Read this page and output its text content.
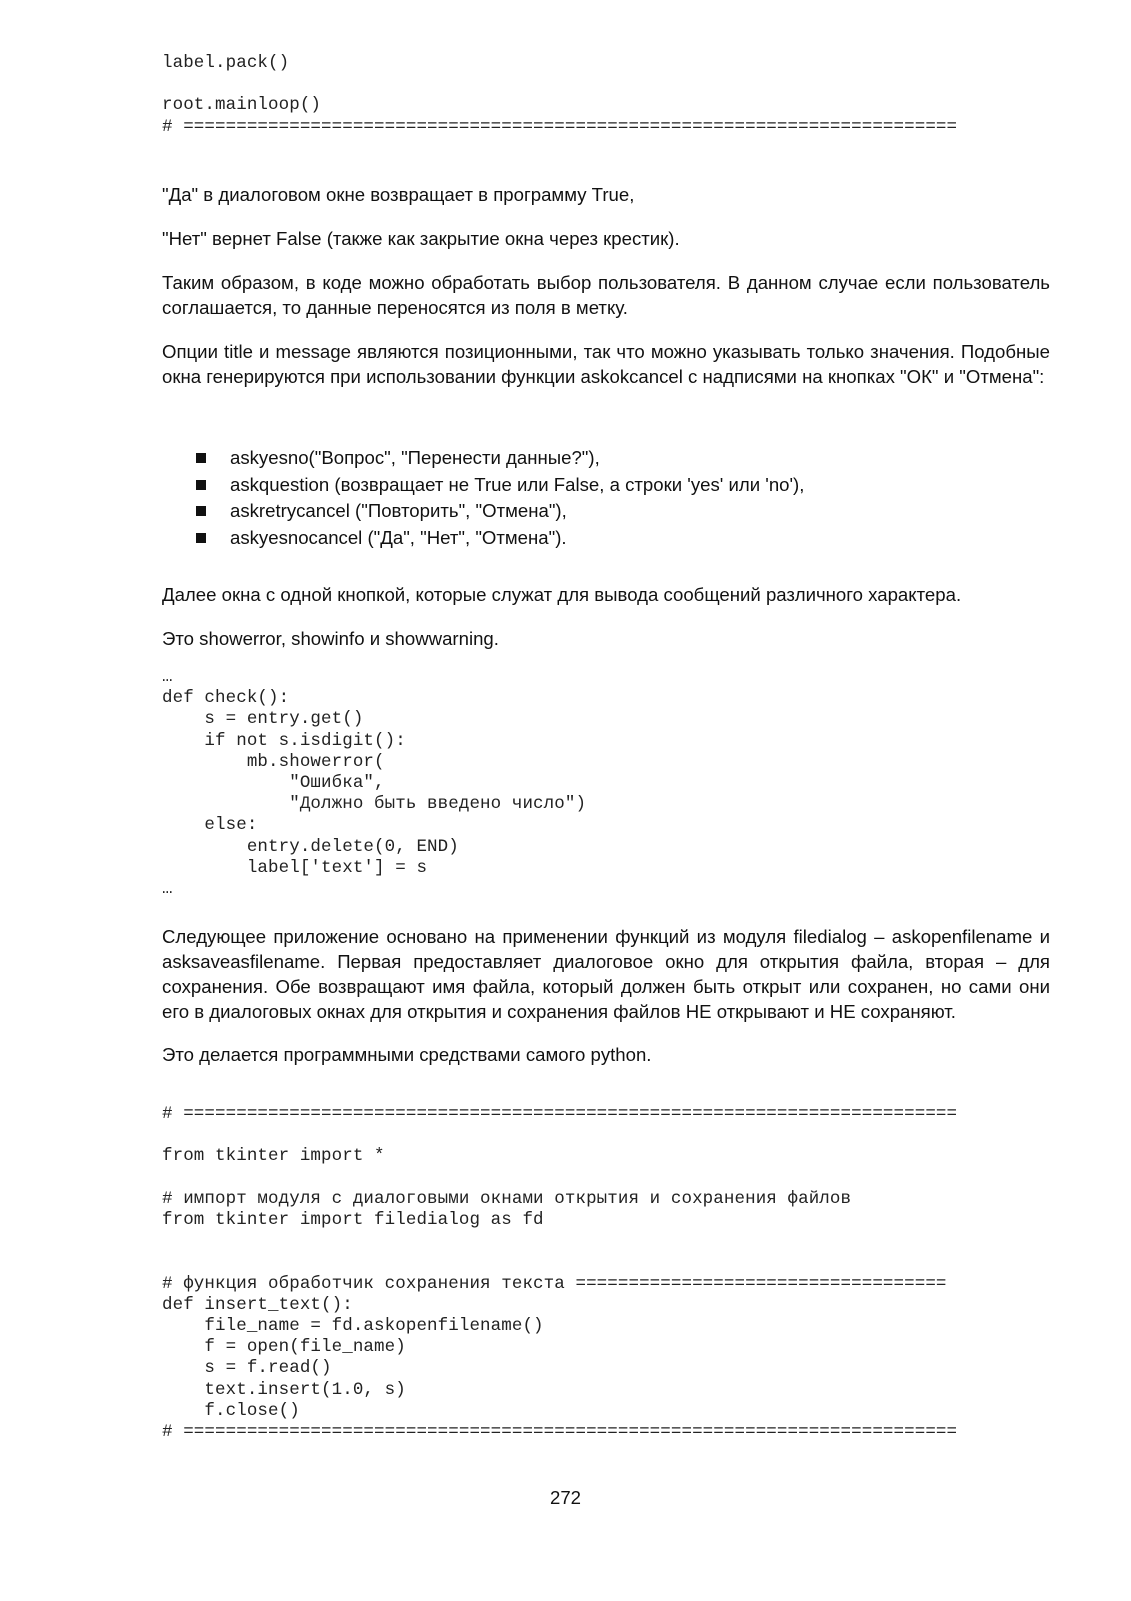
label.pack()

root.mainloop()
# =========================================================================

"Да" в диалоговом окне возвращает в программу True,

"Нет" вернет False (также как закрытие окна через крестик).

Таким образом, в коде можно обработать выбор пользователя. В данном случае если пользователь соглашается, то данные переносятся из поля в метку.

Опции title и message являются позиционными, так что можно указывать только значения. Подобные окна генерируются при использовании функции askokcancel с надписями на кнопках "ОК" и "Отмена":

askyesno("Вопрос", "Перенести данные?"),
askquestion (возвращает не True или False, а строки 'yes' или 'no'),
askretrycancel ("Повторить", "Отмена"),
askyesnocancel ("Да", "Нет", "Отмена").

Далее окна с одной кнопкой, которые служат для вывода сообщений различного характера.

Это showerror, showinfo и showwarning.

…
def check():
s = entry.get()
if not s.isdigit():
mb.showerror(
"Ошибка",
"Должно быть введено число")
else:
entry.delete(0, END)
label['text'] = s
…

Следующее приложение основано на применении функций из модуля filedialog – askopenfilename и asksaveasfilename. Первая предоставляет диалоговое окно для открытия файла, вторая – для сохранения. Обе возвращают имя файла, который должен быть открыт или сохранен, но сами они его в диалоговых окнах для открытия и сохранения файлов НЕ открывают и НЕ сохраняют.

Это делается программными средствами самого python.

# =========================================================================

from tkinter import *

# импорт модуля с диалоговыми окнами открытия и сохранения файлов
from tkinter import filedialog as fd

# функция обработчик сохранения текста ===================================
def insert_text():
file_name = fd.askopenfilename()
f = open(file_name)
s = f.read()
text.insert(1.0, s)
f.close()
# =========================================================================
272
